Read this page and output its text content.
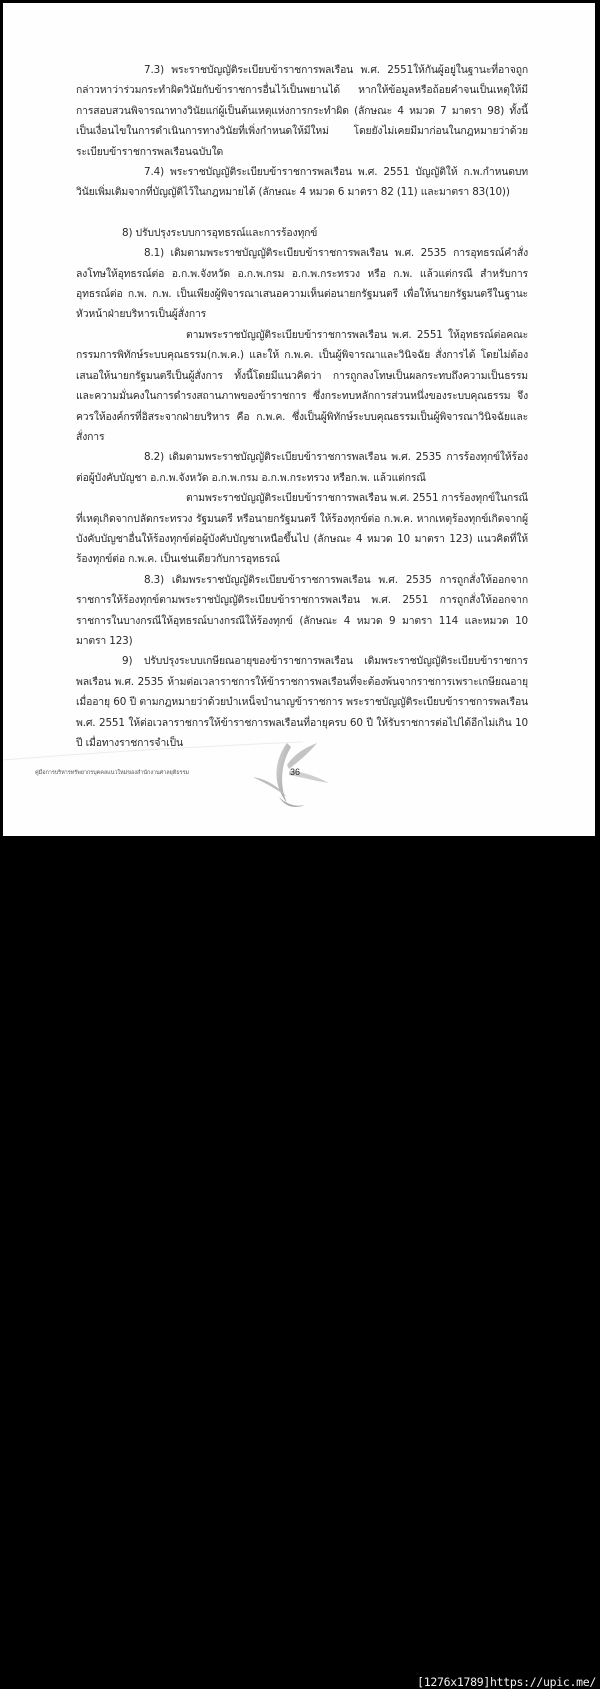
7.3) พระราชบัญญัติระเบียบข้าราชการพลเรือน พ.ศ. 2551ให้กันผู้อยู่ในฐานะที่อาจถูกกล่าวหาว่าร่วมกระทำผิดวินัยกับข้าราชการอื่นไว้เป็นพยานได้ หากให้ข้อมูลหรือถ้อยคำจนเป็นเหตุให้มีการสอบสวนพิจารณาทางวินัยแก่ผู้เป็นต้นเหตุแห่งการกระทำผิด (ลักษณะ 4 หมวด 7 มาตรา 98) ทั้งนี้เป็นเงื่อนไขในการดำเนินการทางวินัยที่เพิ่งกำหนดให้มีใหม่ โดยยังไม่เคยมีมาก่อนในกฎหมายว่าด้วยระเบียบข้าราชการพลเรือนฉบับใด

7.4) พระราชบัญญัติระเบียบข้าราชการพลเรือน พ.ศ. 2551 บัญญัติให้ ก.พ.กำหนดบทวินัยเพิ่มเติมจากที่บัญญัติไว้ในกฎหมายได้ (ลักษณะ 4 หมวด 6 มาตรา 82 (11) และมาตรา 83(10))

8) ปรับปรุงระบบการอุทธรณ์และการร้องทุกข์

8.1) เดิมตามพระราชบัญญัติระเบียบข้าราชการพลเรือน พ.ศ. 2535 การอุทธรณ์คำสั่งลงโทษให้อุทธรณ์ต่อ อ.ก.พ.จังหวัด อ.ก.พ.กรม อ.ก.พ.กระทรวง หรือ ก.พ. แล้วแต่กรณี สำหรับการอุทธรณ์ต่อ ก.พ. ก.พ. เป็นเพียงผู้พิจารณาเสนอความเห็นต่อนายกรัฐมนตรี เพื่อให้นายกรัฐมนตรีในฐานะหัวหน้าฝ่ายบริหารเป็นผู้สั่งการ

ตามพระราชบัญญัติระเบียบข้าราชการพลเรือน พ.ศ. 2551 ให้อุทธรณ์ต่อคณะกรรมการพิทักษ์ระบบคุณธรรม(ก.พ.ค.) และให้ ก.พ.ค. เป็นผู้พิจารณาและวินิจฉัย สั่งการได้ โดยไม่ต้องเสนอให้นายกรัฐมนตรีเป็นผู้สั่งการ ทั้งนี้โดยมีแนวคิดว่า การถูกลงโทษเป็นผลกระทบถึงความเป็นธรรม และความมั่นคงในการดำรงสถานภาพของข้าราชการ ซึ่งกระทบหลักการส่วนหนึ่งของระบบคุณธรรม จึงควรให้องค์กรที่อิสระจากฝ่ายบริหาร คือ ก.พ.ค. ซึ่งเป็นผู้พิทักษ์ระบบคุณธรรมเป็นผู้พิจารณาวินิจฉัยและสั่งการ

8.2) เดิมตามพระราชบัญญัติระเบียบข้าราชการพลเรือน พ.ศ. 2535 การร้องทุกข์ให้ร้องต่อผู้บังคับบัญชา อ.ก.พ.จังหวัด อ.ก.พ.กรม อ.ก.พ.กระทรวง หรือก.พ. แล้วแต่กรณี

ตามพระราชบัญญัติระเบียบข้าราชการพลเรือน พ.ศ. 2551 การร้องทุกข์ในกรณีที่เหตุเกิดจากปลัดกระทรวง รัฐมนตรี หรือนายกรัฐมนตรี ให้ร้องทุกข์ต่อ ก.พ.ค. หากเหตุร้องทุกข์เกิดจากผู้บังคับบัญชาอื่นให้ร้องทุกข์ต่อผู้บังคับบัญชาเหนือขึ้นไป (ลักษณะ 4 หมวด 10 มาตรา 123) แนวคิดที่ให้ร้องทุกข์ต่อ ก.พ.ค. เป็นเช่นเดียวกับการอุทธรณ์

8.3) เดิมพระราชบัญญัติระเบียบข้าราชการพลเรือน พ.ศ. 2535 การถูกสั่งให้ออกจากราชการให้ร้องทุกข์ตามพระราชบัญญัติระเบียบข้าราชการพลเรือน พ.ศ. 2551 การถูกสั่งให้ออกจากราชการในบางกรณีให้อุทธรณ์บางกรณีให้ร้องทุกข์ (ลักษณะ 4 หมวด 9 มาตรา 114 และหมวด 10 มาตรา 123)

9) ปรับปรุงระบบเกษียณอายุของข้าราชการพลเรือน เดิมพระราชบัญญัติระเบียบข้าราชการพลเรือน พ.ศ. 2535 ห้ามต่อเวลาราชการให้ข้าราชการพลเรือนที่จะต้องพ้นจากราชการเพราะเกษียณอายุเมื่ออายุ 60 ปี ตามกฎหมายว่าด้วยบำเหน็จบำนาญข้าราชการ พระราชบัญญัติระเบียบข้าราชการพลเรือน พ.ศ. 2551 ให้ต่อเวลาราชการให้ข้าราชการพลเรือนที่อายุครบ 60 ปี ให้รับราชการต่อไปได้อีกไม่เกิน 10 ปี เมื่อทางราชการจำเป็น

คู่มือการบริหารทรัพยากรบุคคลแนวใหม่ของสำนักงานศาลยุติธรรม	36
[1276x1789]https://upic.me/
